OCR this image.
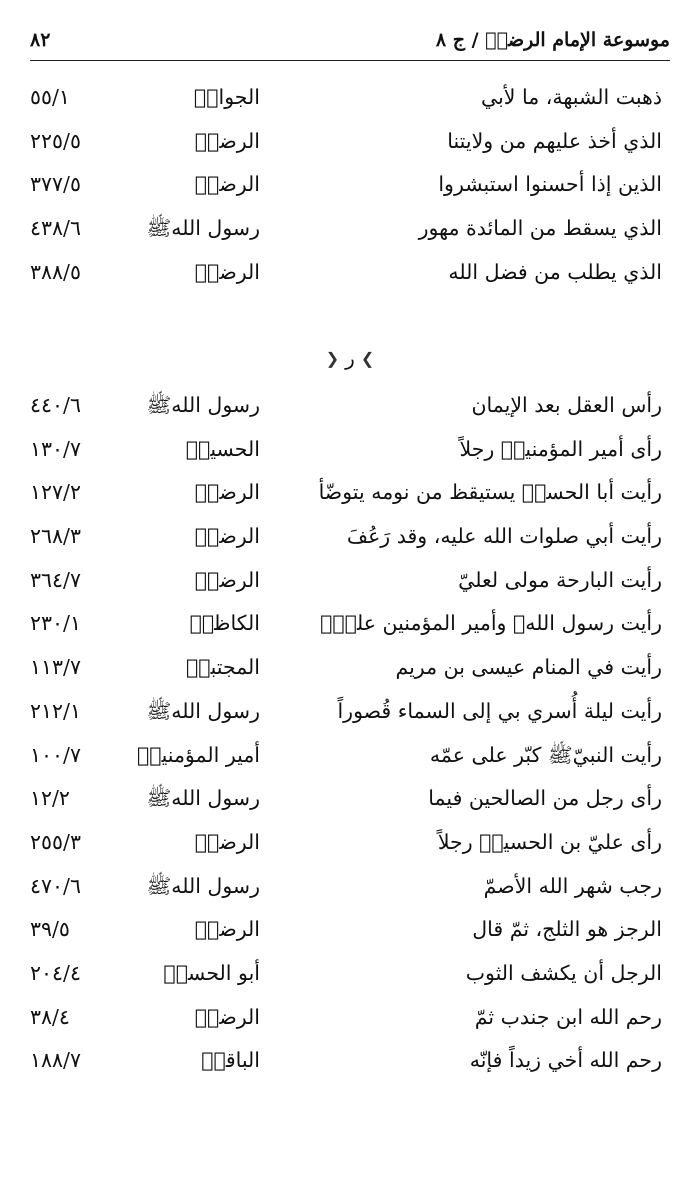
موسوعة الإمام الرضاؑ / ج ٨
٨٢
ذهبت الشبهة، ما لأبي
الجوادؑ
٥٥/١
الذي أخذ عليهم من ولايتنا
الرضاؑ
٢٢٥/٥
الذين إذا أحسنوا استبشروا
الرضاؑ
٣٧٧/٥
الذي يسقط من المائدة مهور
رسول اللهﷺ
٤٣٨/٦
الذي يطلب من فضل الله
الرضاؑ
٣٨٨/٥
❯
ر
❮
رأس العقل بعد الإيمان
رسول اللهﷺ
٤٤٠/٦
رأى أمير المؤمنينؑ رجلاً
الحسينؑ
١٣٠/٧
رأيت أبا الحسنؑ يستيقظ من نومه يتوضّأ
الرضاؑ
١٢٧/٢
رأيت أبي صلوات الله عليه، وقد رَعُفَ
الرضاؑ
٢٦٨/٣
رأيت البارحة مولى لعليّ
الرضاؑ
٣٦٤/٧
رأيت رسول اللهﷺ وأمير المؤمنين عليّؑ
الكاظمؑ
٢٣٠/١
رأيت في المنام عيسى بن مريم
المجتبىؑ
١١٣/٧
رأيت ليلة أُسري بي إلى السماء قُصوراً
رسول اللهﷺ
٢١٢/١
رأيت النبيّﷺ كبّر على عمّه
أمير المؤمنينؑ
١٠٠/٧
رأى رجل من الصالحين فيما
رسول اللهﷺ
١٢/٢
رأى عليّ بن الحسينؑ رجلاً
الرضاؑ
٢٥٥/٣
رجب شهر الله الأصمّ
رسول اللهﷺ
٤٧٠/٦
الرجز هو الثلج، ثمّ قال
الرضاؑ
٣٩/٥
الرجل أن يكشف الثوب
أبو الحسنؑ
٢٠٤/٤
رحم الله ابن جندب ثمّ
الرضاؑ
٣٨/٤
رحم الله أخي زيداً فإنّه
الباقرؑ
١٨٨/٧
